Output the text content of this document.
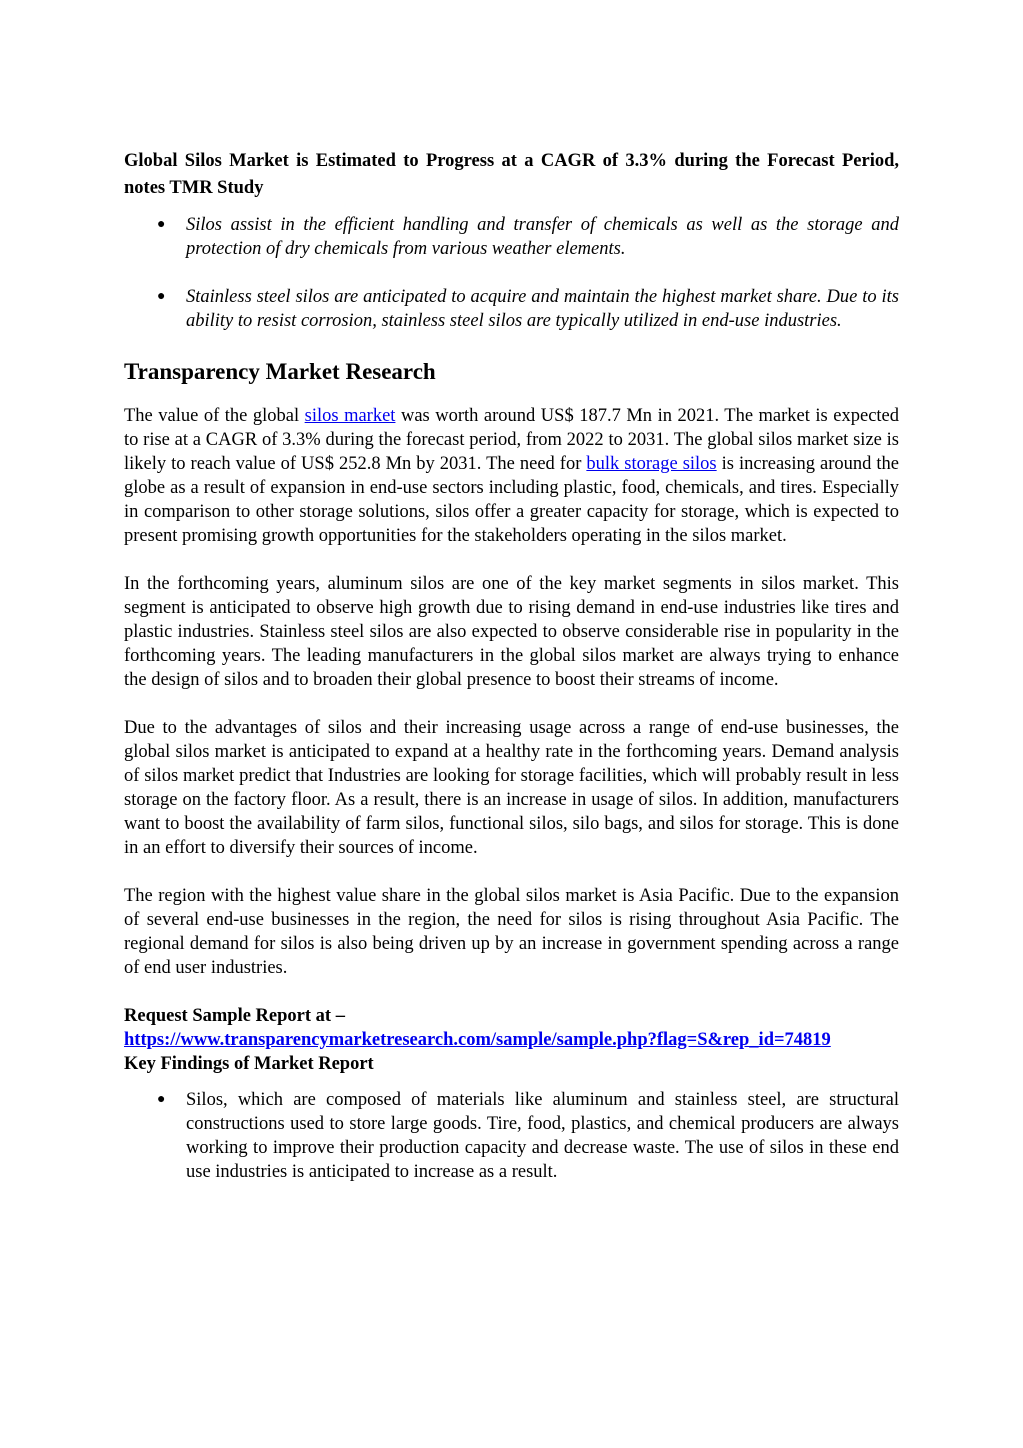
Global Silos Market is Estimated to Progress at a CAGR of 3.3% during the Forecast Period, notes TMR Study
● Silos assist in the efficient handling and transfer of chemicals as well as the storage and protection of dry chemicals from various weather elements.
● Stainless steel silos are anticipated to acquire and maintain the highest market share. Due to its ability to resist corrosion, stainless steel silos are typically utilized in end-use industries.
Transparency Market Research

The value of the global silos market was worth around US$ 187.7 Mn in 2021. The market is expected to rise at a CAGR of 3.3% during the forecast period, from 2022 to 2031. The global silos market size is likely to reach value of US$ 252.8 Mn by 2031. The need for bulk storage silos is increasing around the globe as a result of expansion in end-use sectors including plastic, food, chemicals, and tires. Especially in comparison to other storage solutions, silos offer a greater capacity for storage, which is expected to present promising growth opportunities for the stakeholders operating in the silos market.

In the forthcoming years, aluminum silos are one of the key market segments in silos market. This segment is anticipated to observe high growth due to rising demand in end-use industries like tires and plastic industries. Stainless steel silos are also expected to observe considerable rise in popularity in the forthcoming years. The leading manufacturers in the global silos market are always trying to enhance the design of silos and to broaden their global presence to boost their streams of income.

Due to the advantages of silos and their increasing usage across a range of end-use businesses, the global silos market is anticipated to expand at a healthy rate in the forthcoming years. Demand analysis of silos market predict that Industries are looking for storage facilities, which will probably result in less storage on the factory floor. As a result, there is an increase in usage of silos. In addition, manufacturers want to boost the availability of farm silos, functional silos, silo bags, and silos for storage. This is done in an effort to diversify their sources of income.

The region with the highest value share in the global silos market is Asia Pacific. Due to the expansion of several end-use businesses in the region, the need for silos is rising throughout Asia Pacific. The regional demand for silos is also being driven up by an increase in government spending across a range of end user industries.

Request Sample Report at –
https://www.transparencymarketresearch.com/sample/sample.php?flag=S&rep_id=74819
Key Findings of Market Report
● Silos, which are composed of materials like aluminum and stainless steel, are structural constructions used to store large goods. Tire, food, plastics, and chemical producers are always working to improve their production capacity and decrease waste. The use of silos in these end use industries is anticipated to increase as a result.
